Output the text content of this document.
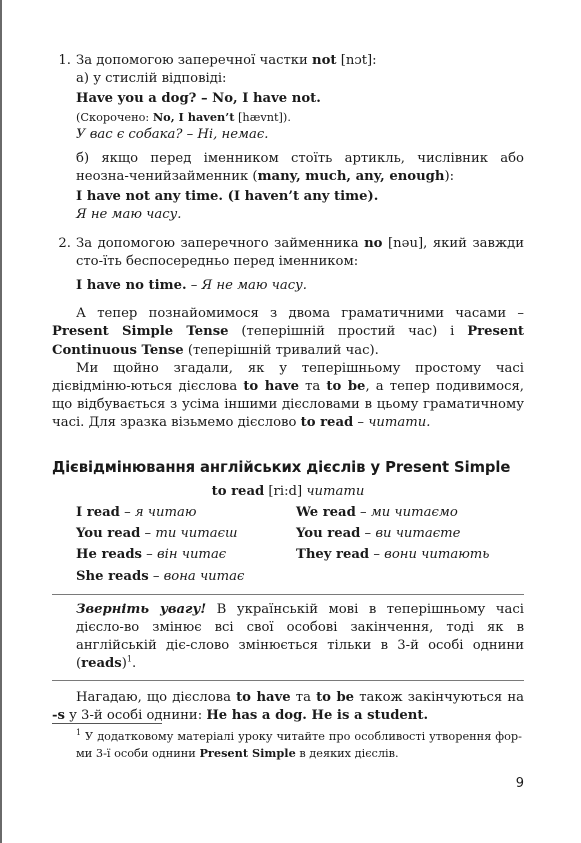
1. За допомогою заперечної частки not [nɔt]:

а) у стислій відповіді:

Have you a dog? – No, I have not.

(Скорочено: No, I haven’t [hævnt]).

У вас є собака? – Ні, немає.

б) якщо перед іменником стоїть артикль, числівник або неозна-ченийзайменник (many, much, any, enough):

I have not any time. (I haven’t any time).

Я не маю часу.

2. За допомогою заперечного займенника no [nəu], який завжди сто-їть беспосередньо перед іменником:

I have no time. – Я не маю часу.

А тепер познайомимося з двома граматичними часами – Present Simple Tense (теперішній простий час) і Present Continuous Tense (теперішній тривалий час).

Ми щойно згадали, як у теперішньому простому часі дієвідміню-ються дієслова to have та to be, а тепер подивимося, що відбувається з усіма іншими дієсловами в цьому граматичному часі. Для зразка візьмемо дієслово to read – читати.

Дієвідмінювання англійських дієслів у Present Simple

to read [ri:d] читати

I read – я читаю	We read – ми читаємо
You read – ти читаєш	You read – ви читаєте
He reads – він читає	They read – вони читають
She reads – вона читає
Зверніть увагу! В українській мові в теперішньому часі дієсло-во змінює всі свої особові закінчення, тоді як в англійській діє-слово змінюється тільки в 3-й особі однини (reads)$^1$.

Нагадаю, що дієслова to have та to be також закінчуються на -s у 3-й особі однини: He has a dog. He is a student.

$^1$ У додатковому матеріалі уроку читайте про особливості утворення фор-ми 3-ї особи однини Present Simple в деяких дієслів.

9
